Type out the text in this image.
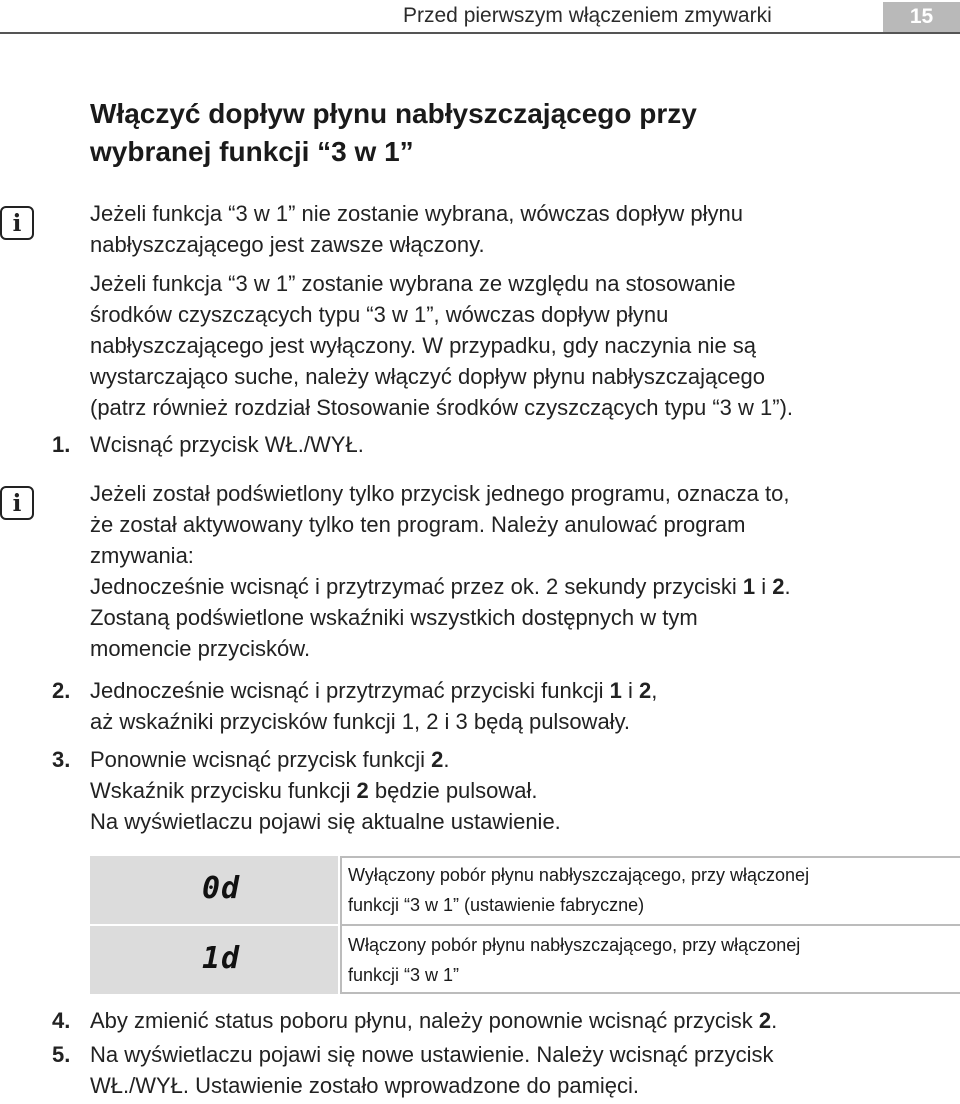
Przed pierwszym włączeniem zmywarki	15
Włączyć dopływ płynu nabłyszczającego przy
wybranej funkcji “3 w 1”
i	Jeżeli funkcja “3 w 1” nie zostanie wybrana, wówczas dopływ płynu
nabłyszczającego jest zawsze włączony.
Jeżeli funkcja “3 w 1” zostanie wybrana ze względu na stosowanie
środków czyszczących typu “3 w 1”, wówczas dopływ płynu
nabłyszczającego jest wyłączony. W przypadku, gdy naczynia nie są
wystarczająco suche, należy włączyć dopływ płynu nabłyszczającego
(patrz również rozdział Stosowanie środków czyszczących typu “3 w 1”).
1. Wcisnąć przycisk WŁ./WYŁ.
i	Jeżeli został podświetlony tylko przycisk jednego programu, oznacza to,
że został aktywowany tylko ten program. Należy anulować program
zmywania:
Jednocześnie wcisnąć i przytrzymać przez ok. 2 sekundy przyciski 1 i 2.
Zostaną podświetlone wskaźniki wszystkich dostępnych w tym
momencie przycisków.
2. Jednocześnie wcisnąć i przytrzymać przyciski funkcji 1 i 2,
aż wskaźniki przycisków funkcji 1, 2 i 3 będą pulsowały.
3. Ponownie wcisnąć przycisk funkcji 2.
Wskaźnik przycisku funkcji 2 będzie pulsował.
Na wyświetlaczu pojawi się aktualne ustawienie.
0d	Wyłączony pobór płynu nabłyszczającego, przy włączonej
funkcji “3 w 1” (ustawienie fabryczne)
1d	Włączony pobór płynu nabłyszczającego, przy włączonej
funkcji “3 w 1”
4. Aby zmienić status poboru płynu, należy ponownie wcisnąć przycisk 2.
5. Na wyświetlaczu pojawi się nowe ustawienie. Należy wcisnąć przycisk
WŁ./WYŁ. Ustawienie zostało wprowadzone do pamięci.
